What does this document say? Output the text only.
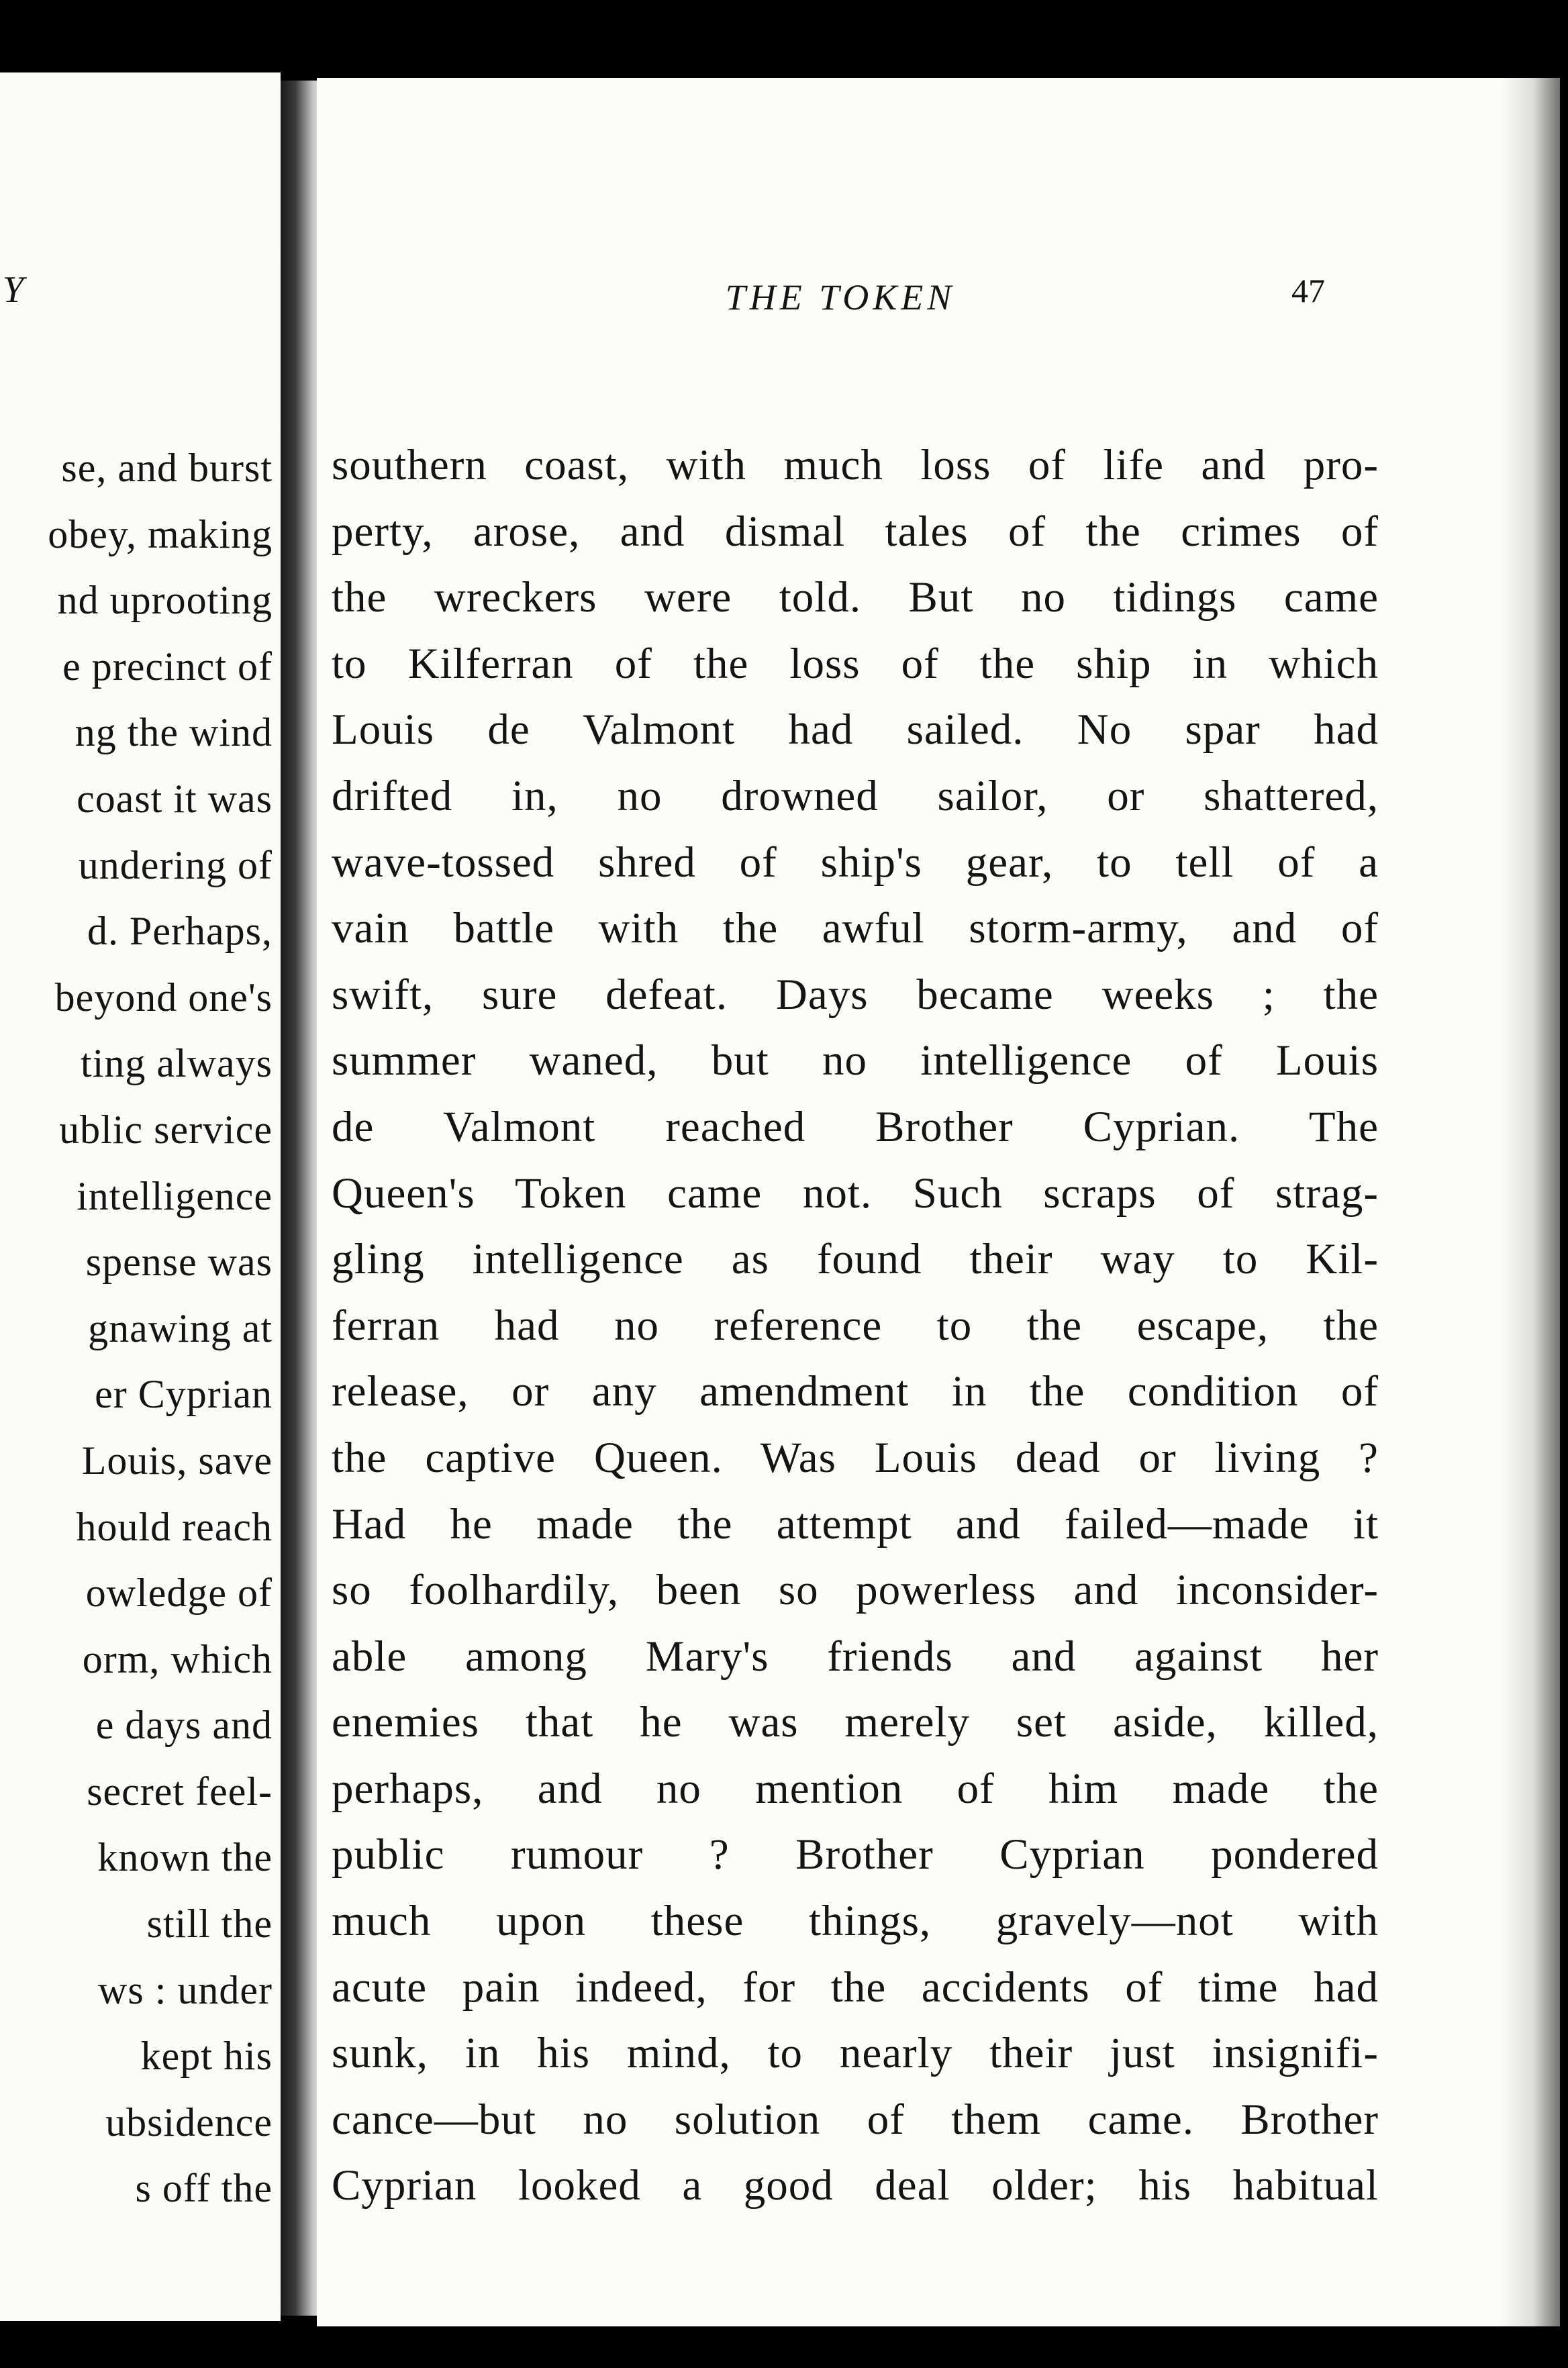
Y
se, and burst
obey, making
nd uprooting
e precinct of
ng the wind
coast it was
undering of
d. Perhaps,
beyond one's
ting always
ublic service
intelligence
spense was
gnawing at
er Cyprian
Louis, save
hould reach
owledge of
orm, which
e days and
secret feel-
known the
still the
ws : under
kept his
ubsidence
s off the
THE TOKEN	47
southern coast, with much loss of life and pro-
perty, arose, and dismal tales of the crimes of
the wreckers were told. But no tidings came
to Kilferran of the loss of the ship in which
Louis de Valmont had sailed. No spar had
drifted in, no drowned sailor, or shattered,
wave-tossed shred of ship's gear, to tell of a
vain battle with the awful storm-army, and of
swift, sure defeat. Days became weeks ; the
summer waned, but no intelligence of Louis
de Valmont reached Brother Cyprian. The
Queen's Token came not. Such scraps of strag-
gling intelligence as found their way to Kil-
ferran had no reference to the escape, the
release, or any amendment in the condition of
the captive Queen. Was Louis dead or living ?
Had he made the attempt and failed—made it
so foolhardily, been so powerless and inconsider-
able among Mary's friends and against her
enemies that he was merely set aside, killed,
perhaps, and no mention of him made the
public rumour ? Brother Cyprian pondered
much upon these things, gravely—not with
acute pain indeed, for the accidents of time had
sunk, in his mind, to nearly their just insignifi-
cance—but no solution of them came. Brother
Cyprian looked a good deal older; his habitual
